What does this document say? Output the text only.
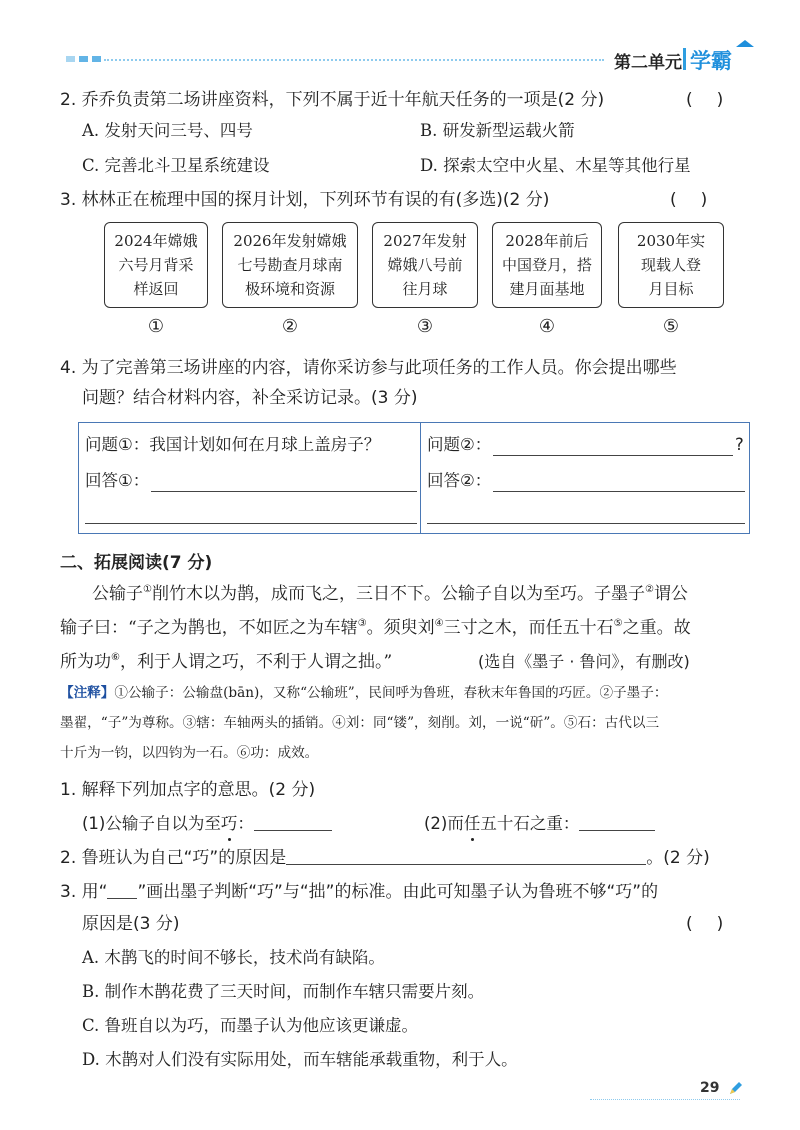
第二单元 学霸
2. 乔乔负责第二场讲座资料，下列不属于近十年航天任务的一项是(2 分)	()
A. 发射天问三号、四号	B. 研发新型运载火箭
C. 完善北斗卫星系统建设	D. 探索太空中火星、木星等其他行星
3. 林林正在梳理中国的探月计划，下列环节有误的有(多选)(2 分)	()
2024年嫦娥
六号月背采
样返回
2026年发射嫦娥
七号勘查月球南
极环境和资源
2027年发射
嫦娥八号前
往月球
2028年前后
中国登月，搭
建月面基地
2030年实
现载人登
月目标
①	②	③	④	⑤
4. 为了完善第三场讲座的内容，请你采访参与此项任务的工作人员。你会提出哪些
问题？结合材料内容，补全采访记录。(3 分)
问题①：我国计划如何在月球上盖房子？
回答①：
问题②：	?
回答②：
二、拓展阅读(7 分)
公输子①削竹木以为鹊，成而飞之，三日不下。公输子自以为至巧。子墨子②谓公
输子曰：“子之为鹊也，不如匠之为车辖③。须臾刘④三寸之木，而任五十石⑤之重。故
所为功⑥，利于人谓之巧，不利于人谓之拙。”	(选自《墨子 · 鲁问》，有删改)
【注释】①公输子：公输盘(bān)，又称“公输班”，民间呼为鲁班，春秋末年鲁国的巧匠。②子墨子：
墨翟，“子”为尊称。③辖：车轴两头的插销。④刘：同“镂”，刻削。刘，一说“斫”。⑤石：古代以三
十斤为一钧，以四钧为一石。⑥功：成效。
1. 解释下列加点字的意思。(2 分)
(1)公输子自以为至巧：	(2)而任五十石之重：
2. 鲁班认为自己“巧”的原因是	。(2 分)
3. 用“ ”画出墨子判断“巧”与“拙”的标准。由此可知墨子认为鲁班不够“巧”的
原因是(3 分)	()
A. 木鹊飞的时间不够长，技术尚有缺陷。
B. 制作木鹊花费了三天时间，而制作车辖只需要片刻。
C. 鲁班自以为巧，而墨子认为他应该更谦虚。
D. 木鹊对人们没有实际用处，而车辖能承载重物，利于人。
29
